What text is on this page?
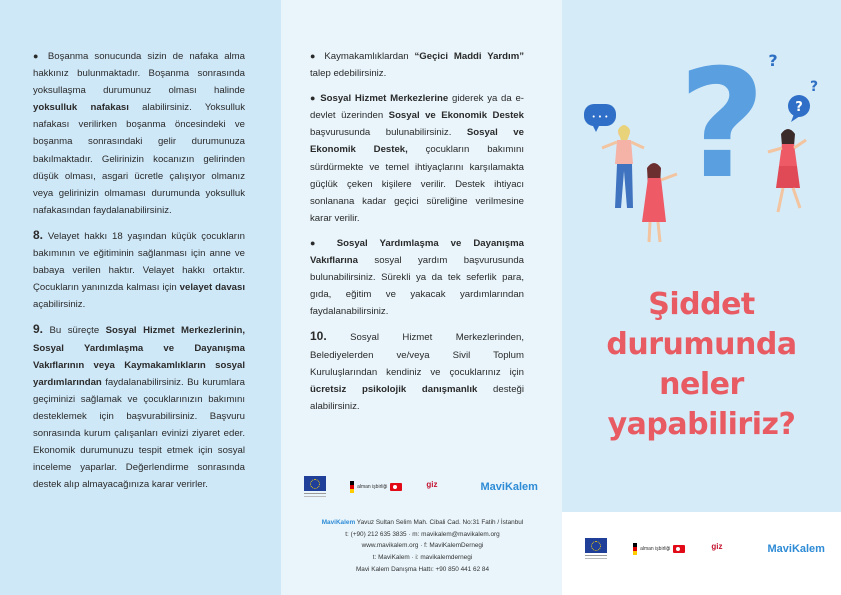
● Boşanma sonucunda sizin de nafaka alma hakkınız bulunmaktadır. Boşanma sonrasında yoksullaşma durumunuz olması halinde yoksulluk nafakası alabilirsiniz. Yoksulluk nafakası verilirken boşanma öncesindeki ve boşanma sonrasındaki gelir durumunuza bakılmaktadır. Gelirinizin kocanızın gelirinden düşük olması, asgari ücretle çalışıyor olmanız veya gelirinizin olmaması durumunda yoksulluk nafakasından faydalanabilirsiniz.

8. Velayet hakkı 18 yaşından küçük çocukların bakımının ve eğitiminin sağlanması için anne ve babaya verilen haktır. Velayet hakkı ortaktır. Çocukların yanınızda kalması için velayet davası açabilirsiniz.

9. Bu süreçte Sosyal Hizmet Merkezlerinin, Sosyal Yardımlaşma ve Dayanışma Vakıflarının veya Kaymakamlıkların sosyal yardımlarından faydalanabilirsiniz. Bu kurumlara geçiminizi sağlamak ve çocuklarınızın bakımını desteklemek için başvurabilirsiniz. Başvuru sonrasında kurum çalışanları evinizi ziyaret eder. Ekonomik durumunuzu tespit etmek için sosyal inceleme yaparlar. Değerlendirme sonrasında destek alıp almayacağınıza karar verirler.

● Kaymakamlıklardan “Geçici Maddi Yardım” talep edebilirsiniz.

● Sosyal Hizmet Merkezlerine giderek ya da e-devlet üzerinden Sosyal ve Ekonomik Destek başvurusunda bulunabilirsiniz. Sosyal ve Ekonomik Destek, çocukların bakımını sürdürmekte ve temel ihtiyaçlarını karşılamakta güçlük çeken kişilere verilir. Destek ihtiyacı sonlanana kadar geçici süreliğine verilmesine karar verilir.

● Sosyal Yardımlaşma ve Dayanışma Vakıflarına sosyal yardım başvurusunda bulunabilirsiniz. Sürekli ya da tek seferlik para, gıda, eğitim ve yakacak yardımlarından faydalanabilirsiniz.

10. Sosyal Hizmet Merkezlerinden, Belediyelerden ve/veya Sivil Toplum Kuruluşlarından kendiniz ve çocuklarınız için ücretsiz psikolojik danışmanlık desteği alabilirsiniz.

alman işbirliği	giz
	MaviKalem
MaviKalem Yavuz Sultan Selim Mah. Cibali Cad. No:31 Fatih / İstanbul
t: (+90) 212 635 3835 · m: mavikalem@mavikalem.org
www.mavikalem.org · f: MaviKalemDernegi
t: MaviKalem · i: mavikalemdernegi
Mavi Kalem Danışma Hattı: +90 850 441 62 84
? ?
?
• • •
?
Şiddet
durumunda
neler
yapabiliriz?
alman işbirliği	giz
	MaviKalem
